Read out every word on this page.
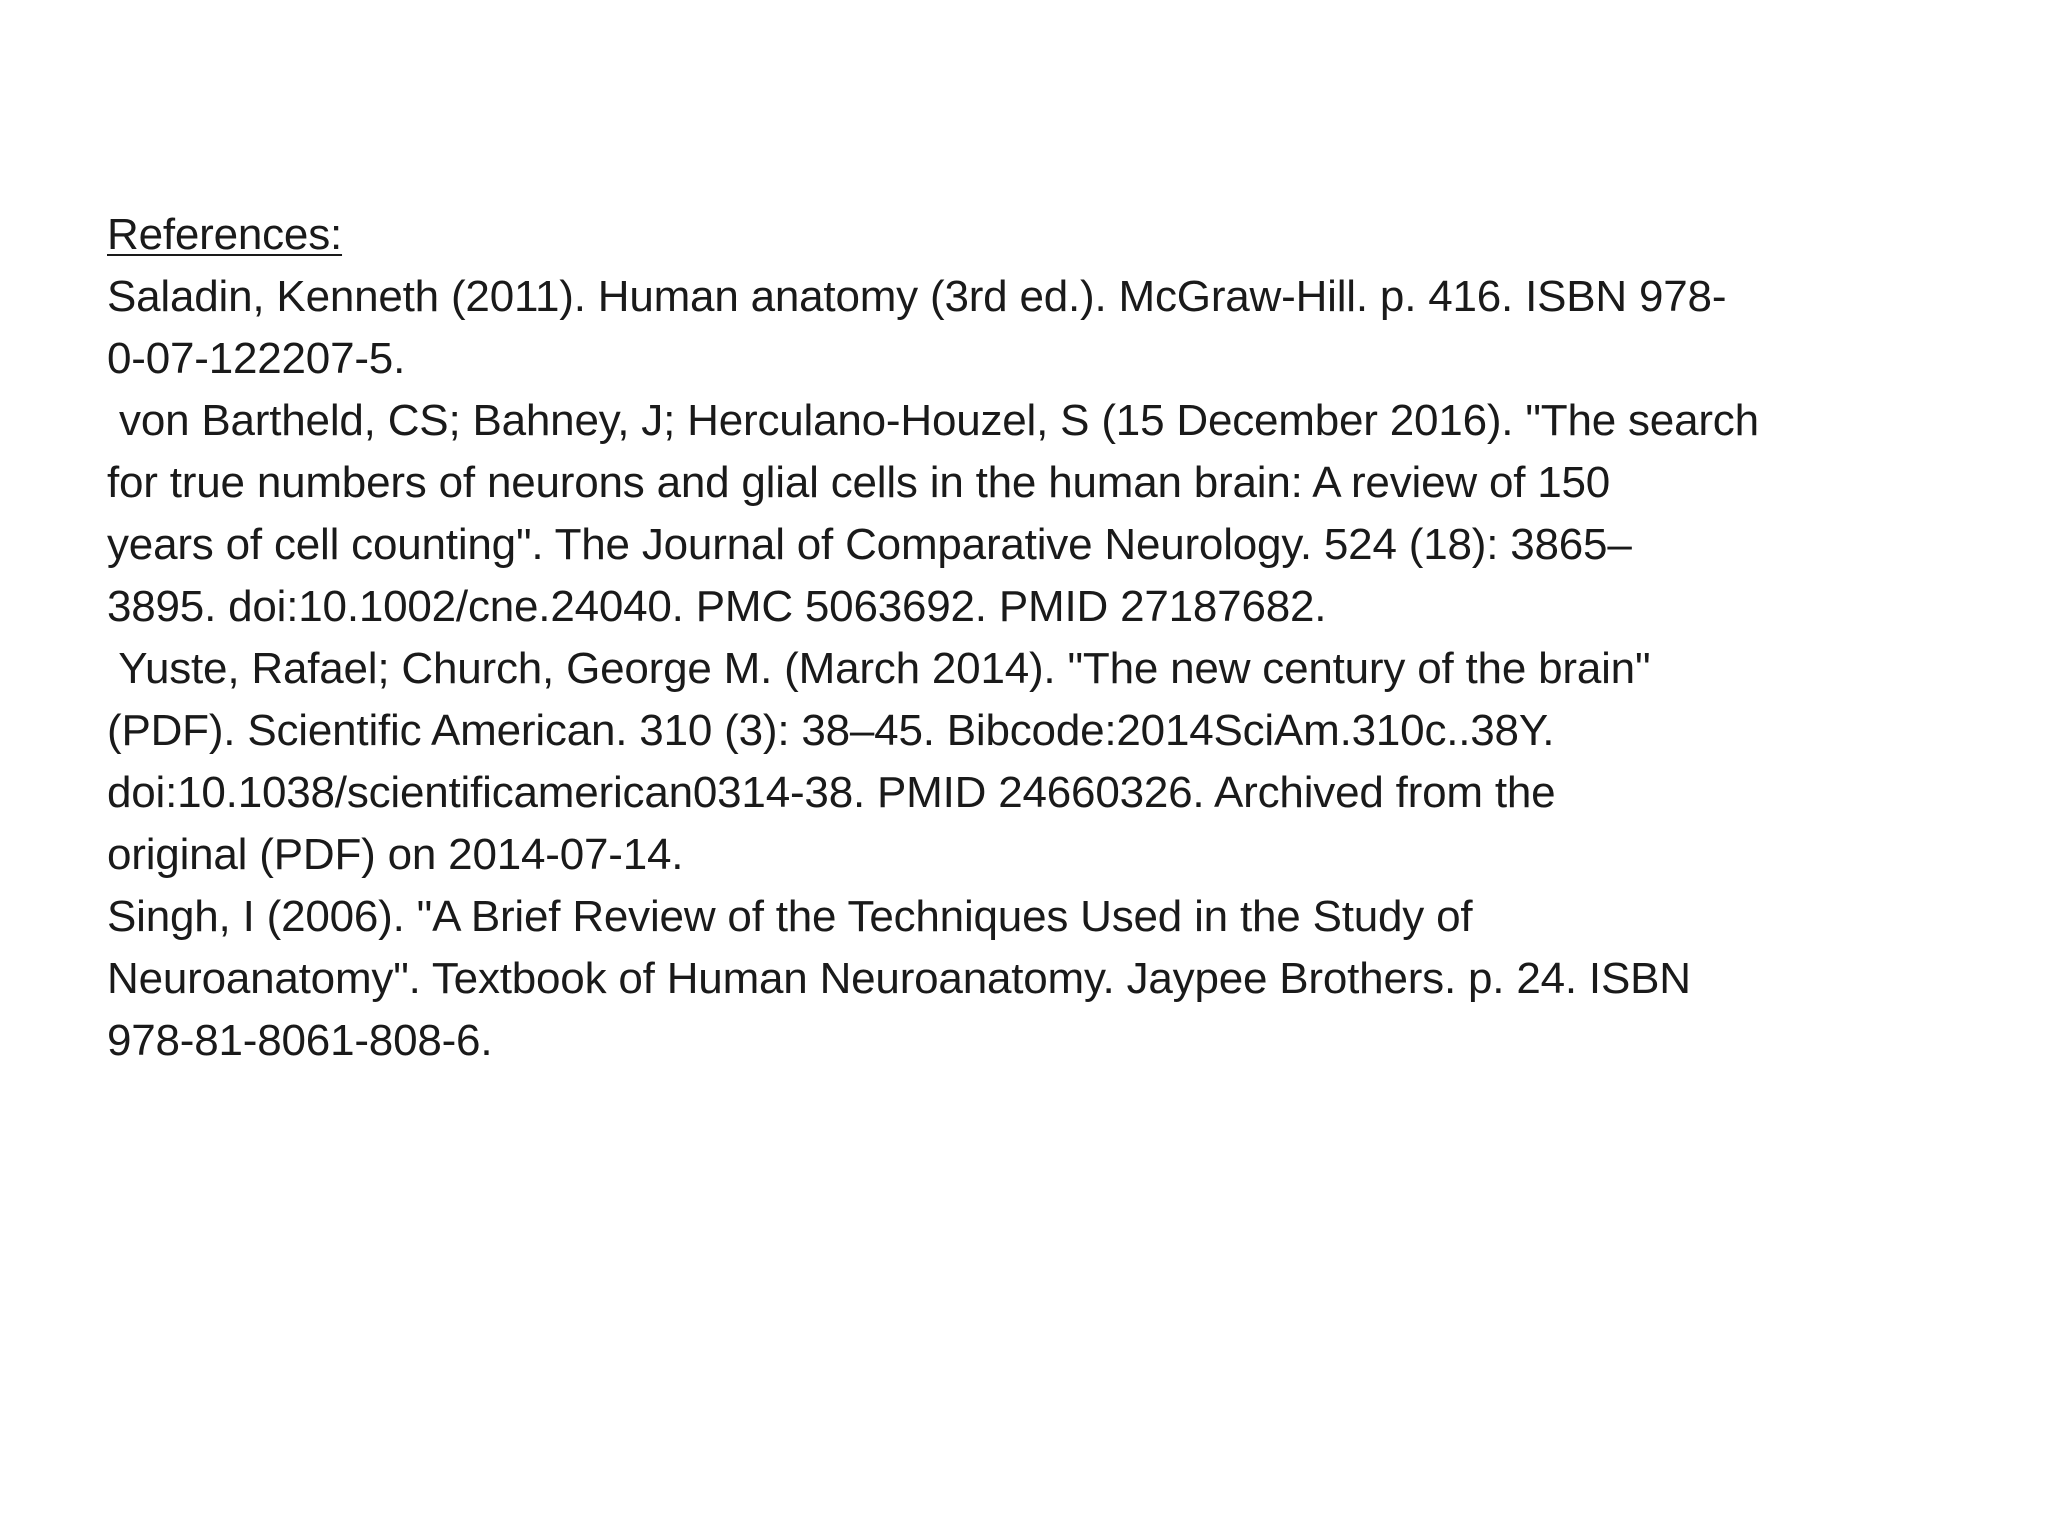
References:
Saladin, Kenneth (2011). Human anatomy (3rd ed.). McGraw-Hill. p. 416. ISBN 978-
0-07-122207-5.
von Bartheld, CS; Bahney, J; Herculano-Houzel, S (15 December 2016). "The search
for true numbers of neurons and glial cells in the human brain: A review of 150
years of cell counting". The Journal of Comparative Neurology. 524 (18): 3865–
3895. doi:10.1002/cne.24040. PMC 5063692. PMID 27187682.
Yuste, Rafael; Church, George M. (March 2014). "The new century of the brain"
(PDF). Scientific American. 310 (3): 38–45. Bibcode:2014SciAm.310c..38Y.
doi:10.1038/scientificamerican0314-38. PMID 24660326. Archived from the
original (PDF) on 2014-07-14.
Singh, I (2006). "A Brief Review of the Techniques Used in the Study of
Neuroanatomy". Textbook of Human Neuroanatomy. Jaypee Brothers. p. 24. ISBN
978-81-8061-808-6.
